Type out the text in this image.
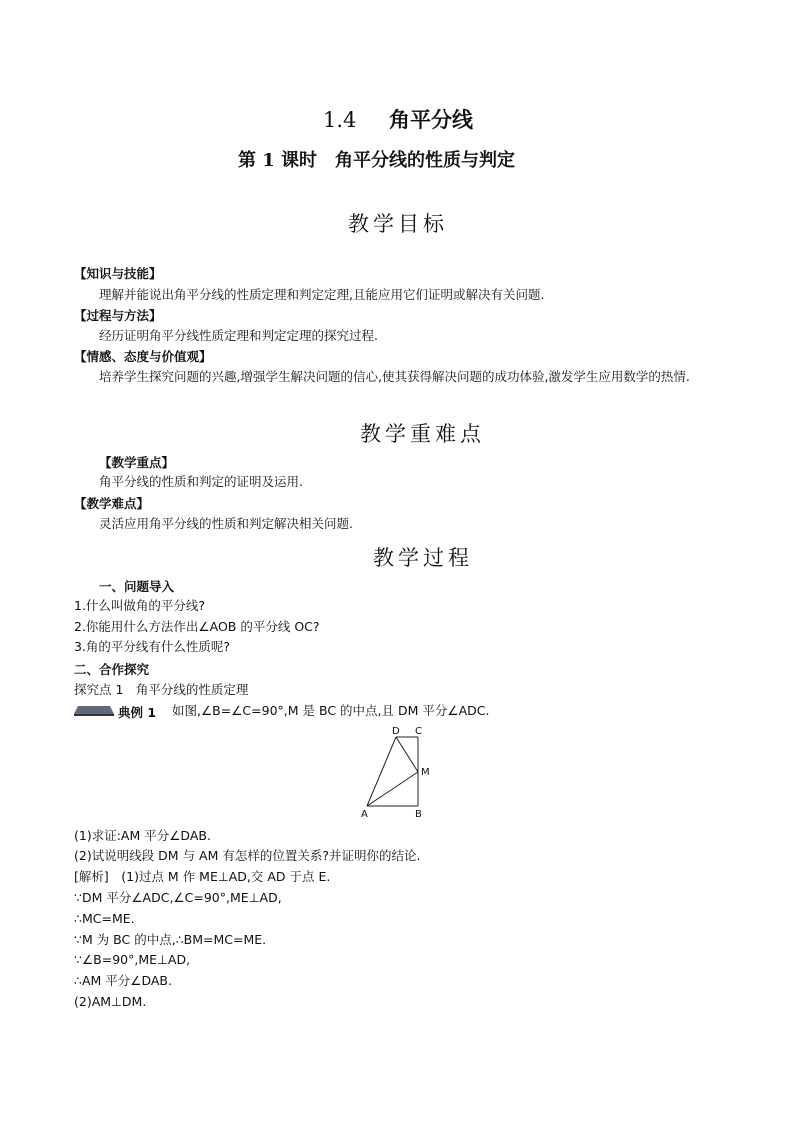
1.4 角平分线
第 1 课时　角平分线的性质与判定
教学目标
【知识与技能】
理解并能说出角平分线的性质定理和判定定理,且能应用它们证明或解决有关问题.
【过程与方法】
经历证明角平分线性质定理和判定定理的探究过程.
【情感、态度与价值观】
培养学生探究问题的兴趣,增强学生解决问题的信心,使其获得解决问题的成功体验,激发学生应用数学的热情.
教学重难点
【教学重点】
角平分线的性质和判定的证明及运用.
【教学难点】
灵活应用角平分线的性质和判定解决相关问题.
教学过程
一、问题导入
1.什么叫做角的平分线?
2.你能用什么方法作出∠AOB 的平分线 OC?
3.角的平分线有什么性质呢?
二、合作探究
探究点 1　角平分线的性质定理
典例 1 如图,∠B=∠C=90°,M 是 BC 的中点,且 DM 平分∠ADC.
D C
M
A	B
(1)求证:AM 平分∠DAB.
(2)试说明线段 DM 与 AM 有怎样的位置关系?并证明你的结论.
[解析]　(1)过点 M 作 ME⊥AD,交 AD 于点 E.
∵DM 平分∠ADC,∠C=90°,ME⊥AD,
∴MC=ME.
∵M 为 BC 的中点,∴BM=MC=ME.
∵∠B=90°,ME⊥AD,
∴AM 平分∠DAB.
(2)AM⊥DM.
